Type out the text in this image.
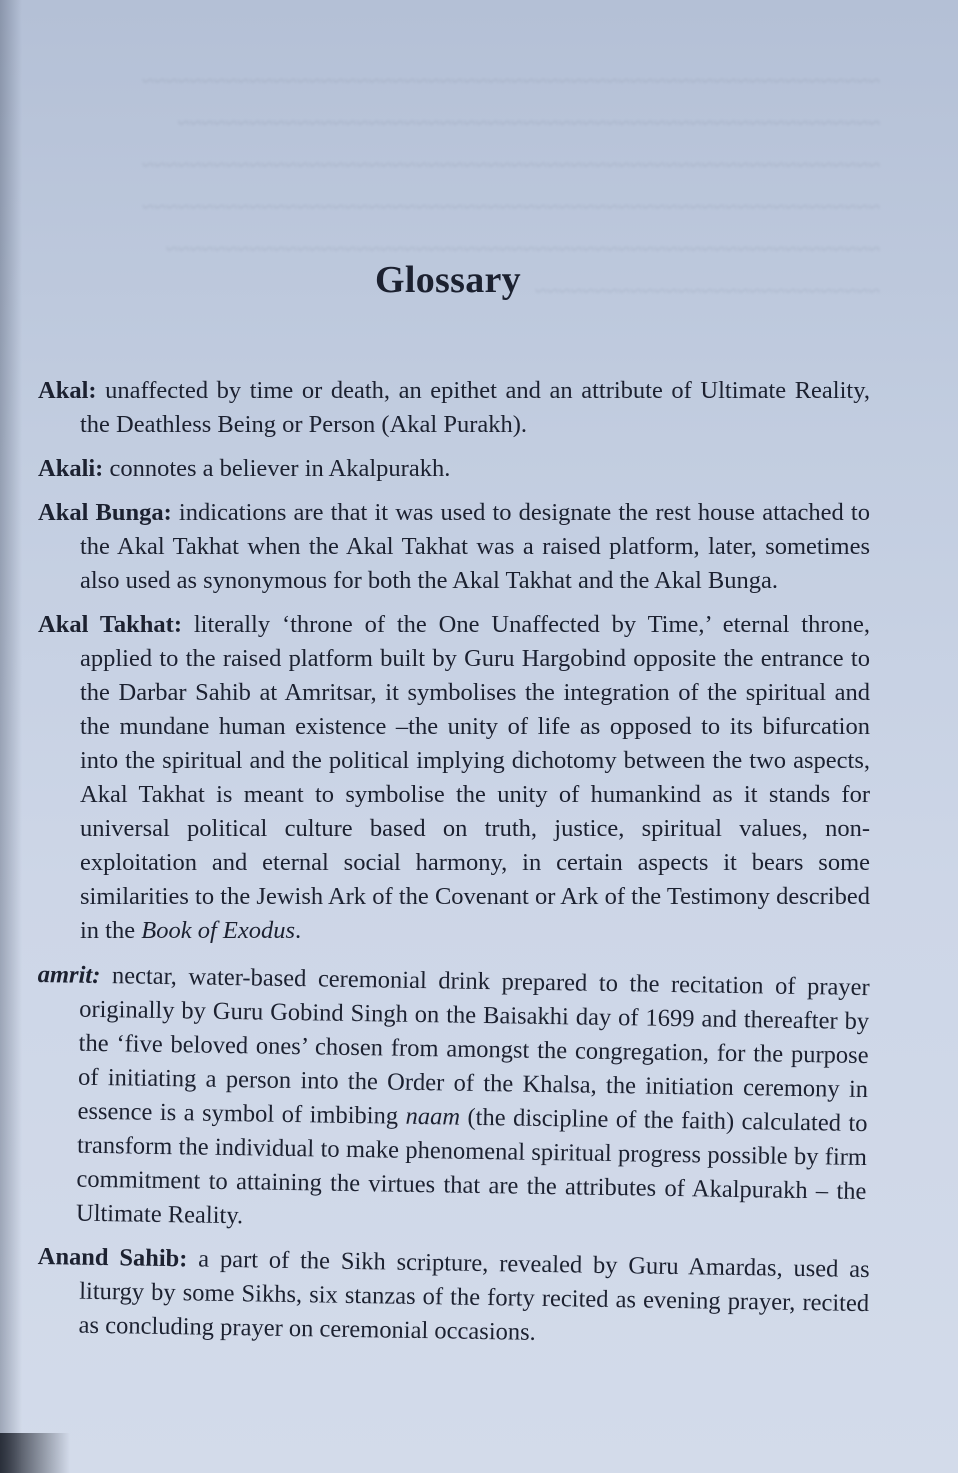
~~~~~~~~~~~~~~~~~~~~~~~~~~~~~~~~~~~~~~~~~~~~~~~~~~~~~~~~~~~~~~
~~~~~~~~~~~~~~~~~~~~~~~~~~~~~~~~~~~~~~~~~~~~~~~~~~~~~~~~~~~
~~~~~~~~~~~~~~~~~~~~~~~~~~~~~~~~~~~~~~~~~~~~~~~~~~~~~~~~~~~~~~
~~~~~~~~~~~~~~~~~~~~~~~~~~~~~~~~~~~~~~~~~~~~~~~~~~~~~~~~~~~~~~
~~~~~~~~~~~~~~~~~~~~~~~~~~~~~~~~~~~~~~~~~~~~~~~~~~~~~~~~~~~~
~~~~~~~~~~~~~~~~~~~~~~~~~~~~~
Glossary

Akal: unaffected by time or death, an epithet and an attribute of Ultimate Reality, the Deathless Being or Person (Akal Purakh).

Akali: connotes a believer in Akalpurakh.

Akal Bunga: indications are that it was used to designate the rest house attached to the Akal Takhat when the Akal Takhat was a raised platform, later, sometimes also used as synonymous for both the Akal Takhat and the Akal Bunga.

Akal Takhat: literally ‘throne of the One Unaffected by Time,’ eternal throne, applied to the raised platform built by Guru Hargobind opposite the entrance to the Darbar Sahib at Amritsar, it symbolises the integration of the spiritual and the mundane human existence –the unity of life as opposed to its bifurcation into the spiritual and the political implying dichotomy between the two aspects, Akal Takhat is meant to symbolise the unity of humankind as it stands for universal political culture based on truth, justice, spiritual values, non-exploitation and eternal social harmony, in certain aspects it bears some similarities to the Jewish Ark of the Covenant or Ark of the Testimony described in the Book of Exodus.

amrit: nectar, water-based ceremonial drink prepared to the recitation of prayer originally by Guru Gobind Singh on the Baisakhi day of 1699 and thereafter by the ‘five beloved ones’ chosen from amongst the congregation, for the purpose of initiating a person into the Order of the Khalsa, the initiation ceremony in essence is a symbol of imbibing naam (the discipline of the faith) calculated to transform the individual to make phenomenal spiritual progress possible by firm commitment to attaining the virtues that are the attributes of Akalpurakh – the Ultimate Reality.

Anand Sahib: a part of the Sikh scripture, revealed by Guru Amardas, used as liturgy by some Sikhs, six stanzas of the forty recited as evening prayer, recited as concluding prayer on ceremonial occasions.
